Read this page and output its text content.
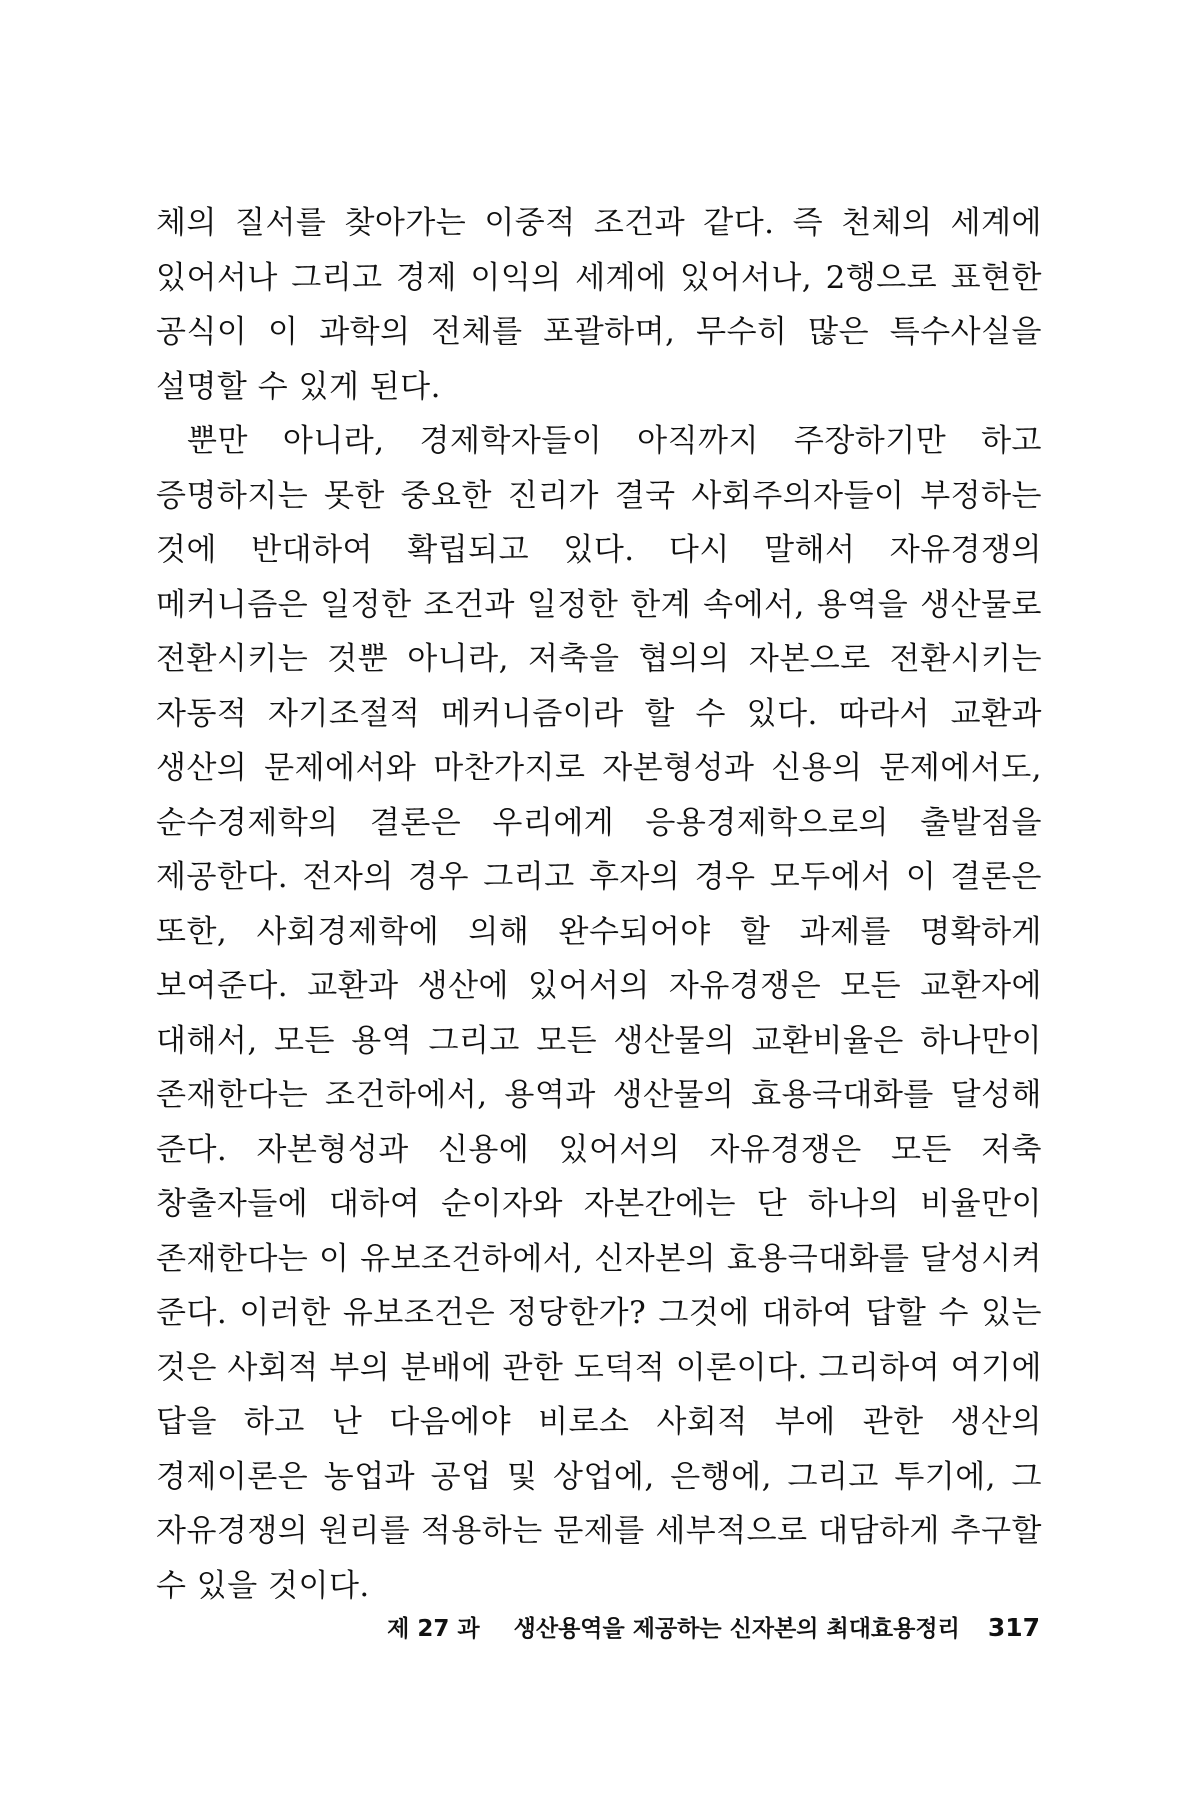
체의 질서를 찾아가는 이중적 조건과 같다. 즉 천체의 세계에 있어서나 그리고 경제 이익의 세계에 있어서나, 2행으로 표현한 공식이 이 과학의 전체를 포괄하며, 무수히 많은 특수사실을 설명할 수 있게 된다.

뿐만 아니라, 경제학자들이 아직까지 주장하기만 하고 증명하지는 못한 중요한 진리가 결국 사회주의자들이 부정하는 것에 반대하여 확립되고 있다. 다시 말해서 자유경쟁의 메커니즘은 일정한 조건과 일정한 한계 속에서, 용역을 생산물로 전환시키는 것뿐 아니라, 저축을 협의의 자본으로 전환시키는 자동적 자기조절적 메커니즘이라 할 수 있다. 따라서 교환과 생산의 문제에서와 마찬가지로 자본형성과 신용의 문제에서도, 순수경제학의 결론은 우리에게 응용경제학으로의 출발점을 제공한다. 전자의 경우 그리고 후자의 경우 모두에서 이 결론은 또한, 사회경제학에 의해 완수되어야 할 과제를 명확하게 보여준다. 교환과 생산에 있어서의 자유경쟁은 모든 교환자에 대해서, 모든 용역 그리고 모든 생산물의 교환비율은 하나만이 존재한다는 조건하에서, 용역과 생산물의 효용극대화를 달성해 준다. 자본형성과 신용에 있어서의 자유경쟁은 모든 저축 창출자들에 대하여 순이자와 자본간에는 단 하나의 비율만이 존재한다는 이 유보조건하에서, 신자본의 효용극대화를 달성시켜 준다. 이러한 유보조건은 정당한가? 그것에 대하여 답할 수 있는 것은 사회적 부의 분배에 관한 도덕적 이론이다. 그리하여 여기에 답을 하고 난 다음에야 비로소 사회적 부에 관한 생산의 경제이론은 농업과 공업 및 상업에, 은행에, 그리고 투기에, 그 자유경쟁의 원리를 적용하는 문제를 세부적으로 대담하게 추구할 수 있을 것이다.

제 27 과 생산용역을 제공하는 신자본의 최대효용정리 317
